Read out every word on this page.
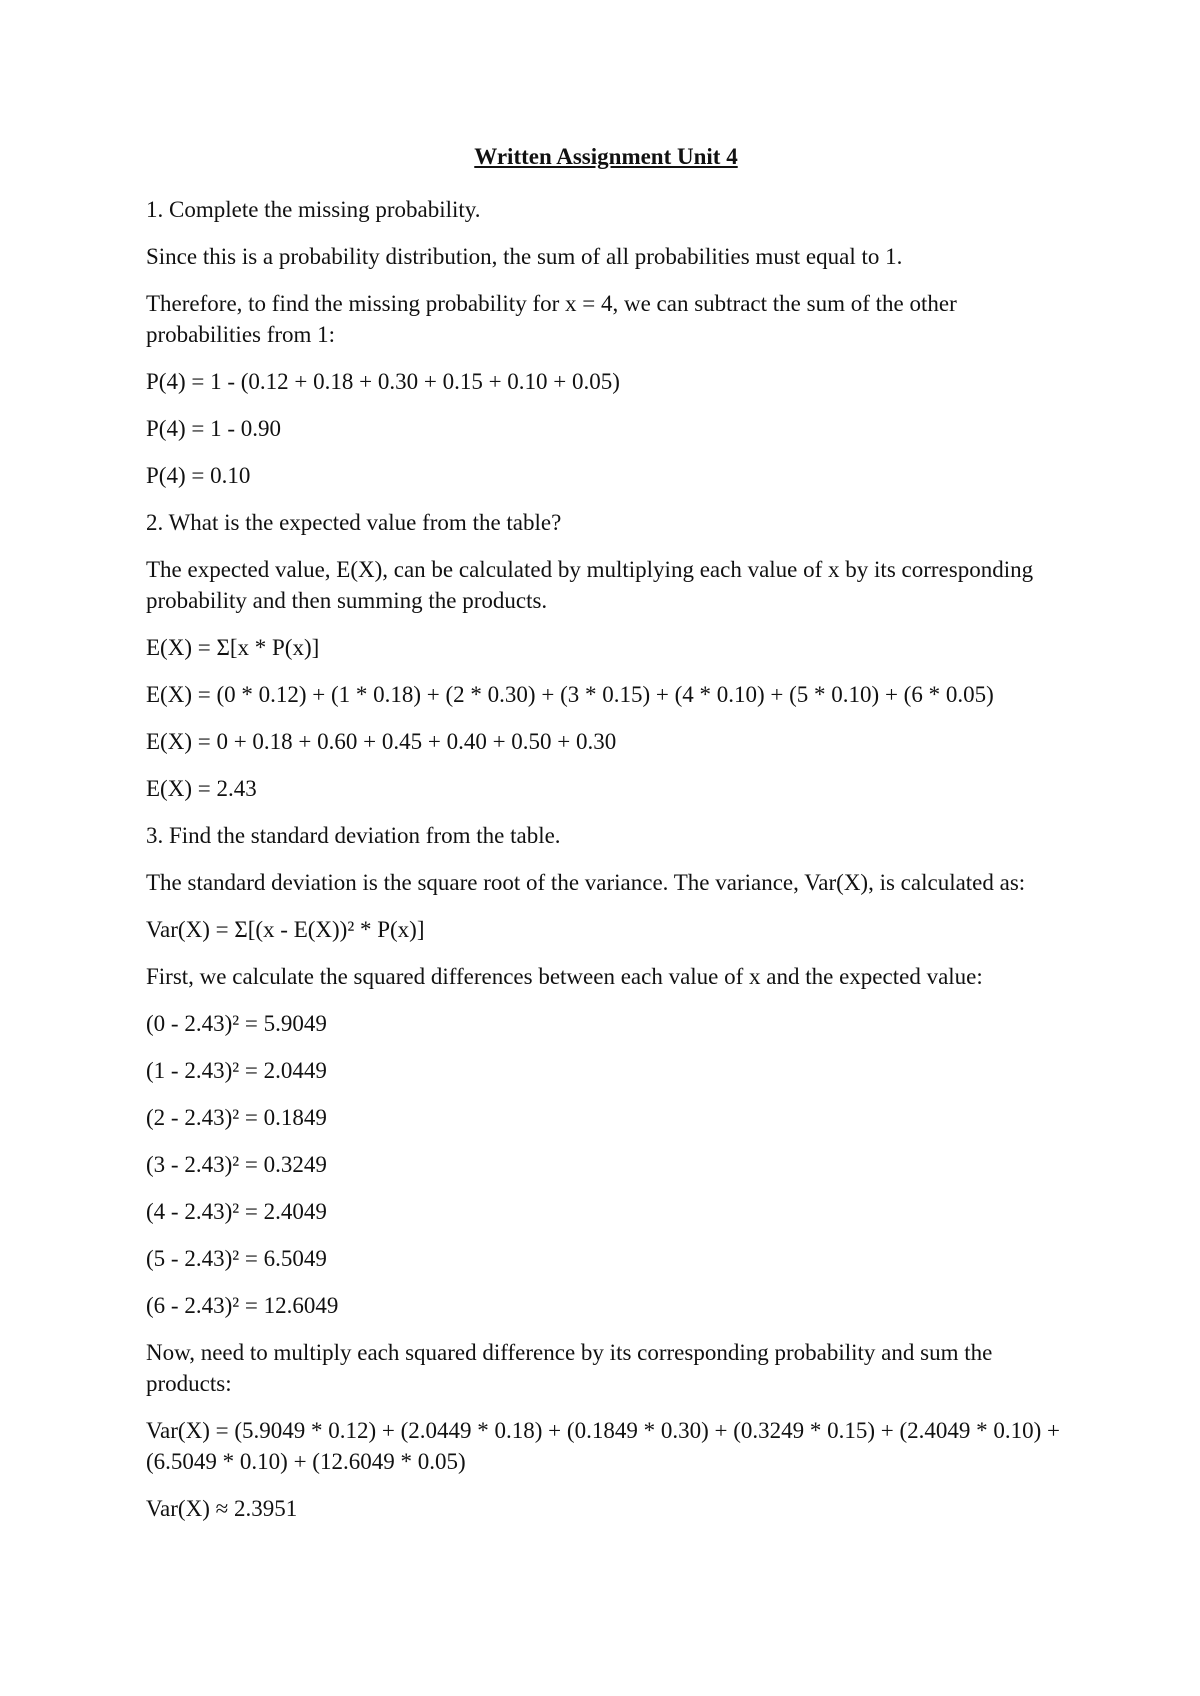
Written Assignment Unit 4
1. Complete the missing probability.
Since this is a probability distribution, the sum of all probabilities must equal to 1.
Therefore, to find the missing probability for x = 4, we can subtract the sum of the other probabilities from 1:
P(4) = 1 - (0.12 + 0.18 + 0.30 + 0.15 + 0.10 + 0.05)
P(4) = 1 - 0.90
P(4) = 0.10
2. What is the expected value from the table?
The expected value, E(X), can be calculated by multiplying each value of x by its corresponding probability and then summing the products.
E(X) = Σ[x * P(x)]
E(X) = (0 * 0.12) + (1 * 0.18) + (2 * 0.30) + (3 * 0.15) + (4 * 0.10) + (5 * 0.10) + (6 * 0.05)
E(X) = 0 + 0.18 + 0.60 + 0.45 + 0.40 + 0.50 + 0.30
E(X) = 2.43
3. Find the standard deviation from the table.
The standard deviation is the square root of the variance. The variance, Var(X), is calculated as:
Var(X) = Σ[(x - E(X))² * P(x)]
First, we calculate the squared differences between each value of x and the expected value:
(0 - 2.43)² = 5.9049
(1 - 2.43)² = 2.0449
(2 - 2.43)² = 0.1849
(3 - 2.43)² = 0.3249
(4 - 2.43)² = 2.4049
(5 - 2.43)² = 6.5049
(6 - 2.43)² = 12.6049
Now, need to multiply each squared difference by its corresponding probability and sum the products:
Var(X) = (5.9049 * 0.12) + (2.0449 * 0.18) + (0.1849 * 0.30) + (0.3249 * 0.15) + (2.4049 * 0.10) + (6.5049 * 0.10) + (12.6049 * 0.05)
Var(X) ≈ 2.3951
